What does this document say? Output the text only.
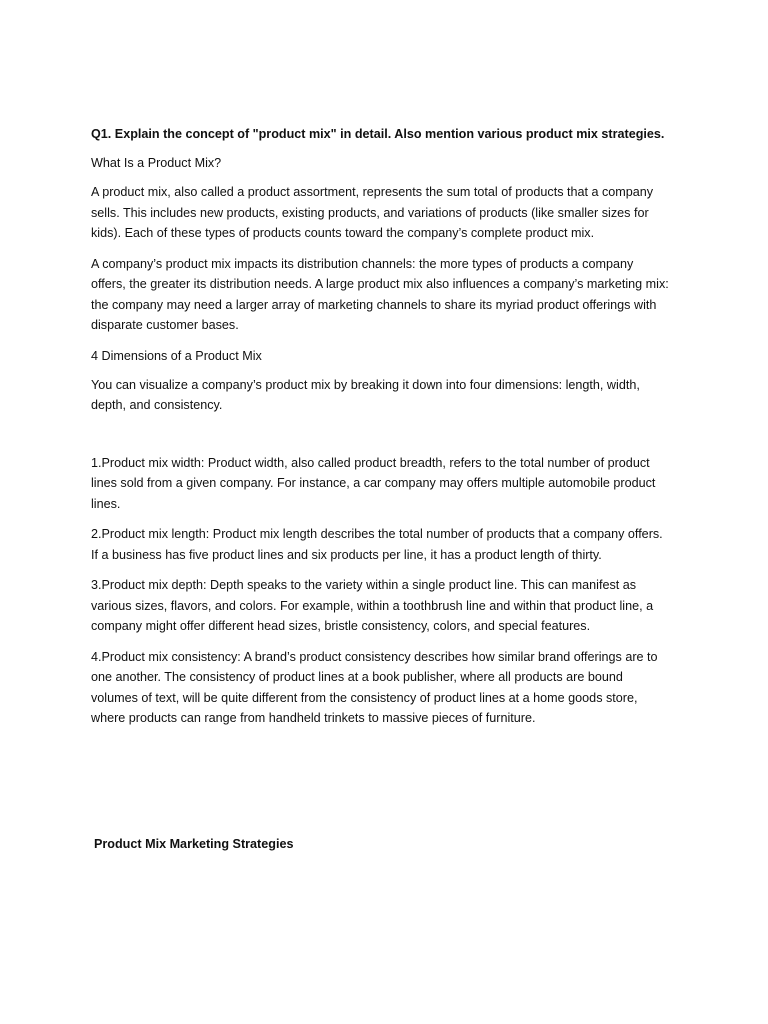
Q1. Explain the concept of "product mix" in detail. Also mention various product mix strategies.

What Is a Product Mix?

A product mix, also called a product assortment, represents the sum total of products that a company
sells. This includes new products, existing products, and variations of products (like smaller sizes for
kids). Each of these types of products counts toward the company’s complete product mix.

A company’s product mix impacts its distribution channels: the more types of products a company
offers, the greater its distribution needs. A large product mix also influences a company’s marketing mix:
the company may need a larger array of marketing channels to share its myriad product offerings with
disparate customer bases.

4 Dimensions of a Product Mix

You can visualize a company’s product mix by breaking it down into four dimensions: length, width,
depth, and consistency.

1.Product mix width: Product width, also called product breadth, refers to the total number of product
lines sold from a given company. For instance, a car company may offers multiple automobile product
lines.

2.Product mix length: Product mix length describes the total number of products that a company offers.
If a business has five product lines and six products per line, it has a product length of thirty.

3.Product mix depth: Depth speaks to the variety within a single product line. This can manifest as
various sizes, flavors, and colors. For example, within a toothbrush line and within that product line, a
company might offer different head sizes, bristle consistency, colors, and special features.

4.Product mix consistency: A brand’s product consistency describes how similar brand offerings are to
one another. The consistency of product lines at a book publisher, where all products are bound
volumes of text, will be quite different from the consistency of product lines at a home goods store,
where products can range from handheld trinkets to massive pieces of furniture.

Product Mix Marketing Strategies
